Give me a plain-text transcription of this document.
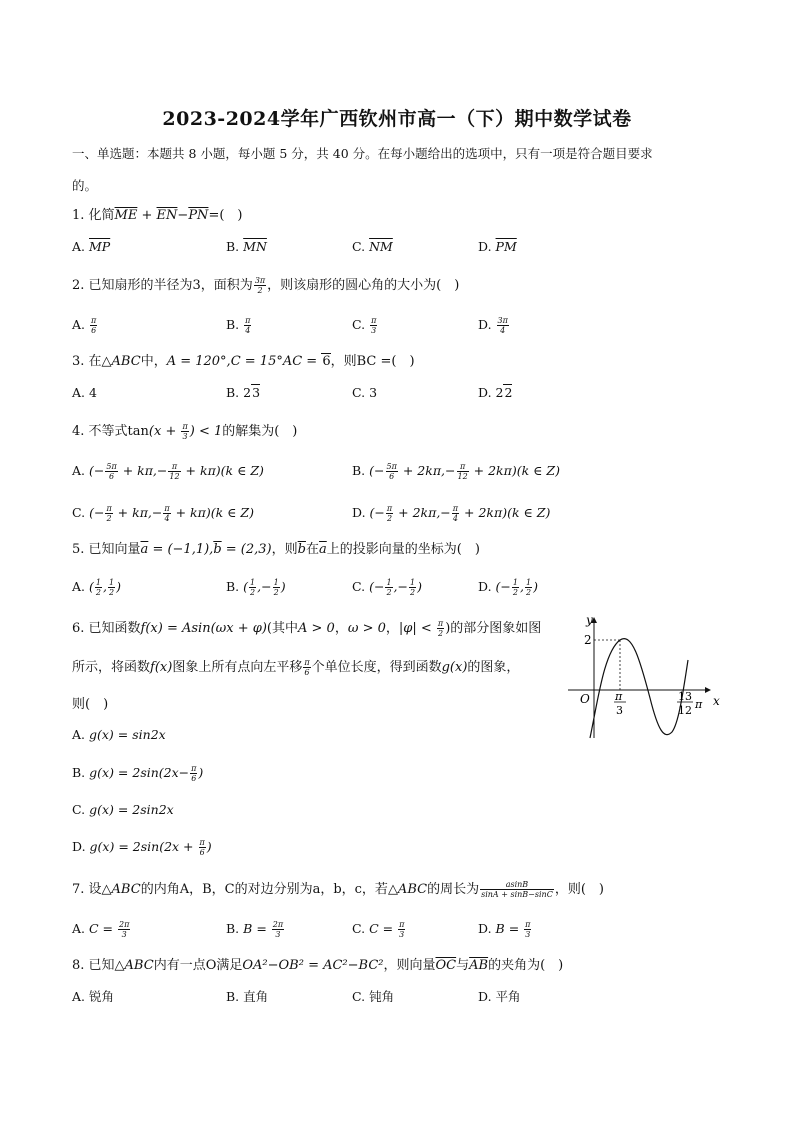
2023-2024学年广西钦州市高一（下）期中数学试卷
一、单选题：本题共 8 小题，每小题 5 分，共 40 分。在每小题给出的选项中，只有一项是符合题目要求
的。
1. 化简$\overline{ME} + \overline{EN}-\overline{PN}=$(　)
A. $\overline{MP}$	B. $\overline{MN}$	C. $\overline{NM}$	D. $\overline{PM}$
2. 已知扇形的半径为3，面积为 $\frac{3\pi}{2}$ ，则该扇形的圆心角的大小为(　)
A. $\frac{\pi}{6}$	B. $\frac{\pi}{4}$	C. $\frac{\pi}{3}$	D. $\frac{3\pi}{4}$
3. 在△ABC中，A = 120°,C = 15°AC = 6，则BC =(　)
A. 4	B. 23	C. 3	D. 22
4. 不等式$\tan(x + \frac{\pi}{3}$ ) < 1的解集为(　)
A. (− $\frac{5\pi}{6} + k\pi,- \frac{\pi}{12} + k\pi)(k$ ∈ Z)	B. (− $\frac{5\pi}{6} + 2k\pi,- \frac{\pi}{12} + 2k\pi)(k$ ∈ Z)
C. (− $\frac{\pi}{2} + k\pi,- \frac{\pi}{4} + k\pi)(k$ ∈ Z)	D. (− $\frac{\pi}{2} + 2k\pi,- \frac{\pi}{4} + 2k\pi)(k$ ∈ Z)
5. 已知向量$\overline{a} = (-1,1),\overline{b} = (2,3)$，则$\overline{b}$在$\overline{a}$上的投影向量的坐标为(　)
A. ( $\frac{1}{2}$ , $\frac{1}{2}$ )	B. ( $\frac{1}{2}$ ,− $\frac{1}{2}$ )	C. (− $\frac{1}{2}$ ,− $\frac{1}{2}$ )	D. (− $\frac{1}{2}$ , $\frac{1}{2}$ )
6. 已知函数f(x) = Asin(ωx + φ)(其中A > 0，ω > 0，$|\varphi| < \frac{\pi}{2}$ )的部分图象如图
所示，将函数f(x)图象上所有点向左平移 $\frac{\pi}{6}$ 个单位长度，得到函数g(x)的图象，
则(　)
A. g(x) = sin2x
B. $g(x) = 2\sin(2x- \frac{\pi}{6}$ )
C. g(x) = 2sin2x
D. $g(x) = 2\sin(2x + \frac{\pi}{6}$ )
y
x
O
2
π
3
13
12 π
7. 设△ABC的内角A，B，C的对边分别为a，b，c，若△ABC的周长为 $\frac{asinB}{\sin A + \sin B-\sin C}$ ，则(　)
A. $C = \frac{2\pi}{3}$	B. $B = \frac{2\pi}{3}$	C. $C = \frac{\pi}{3}$	D. $B = \frac{\pi}{3}$
8. 已知△ABC内有一点O满足OA²−OB² = AC²−BC²，则向量$\overline{OC}$与$\overline{AB}$的夹角为(　)
A. 锐角	B. 直角	C. 钝角	D. 平角
